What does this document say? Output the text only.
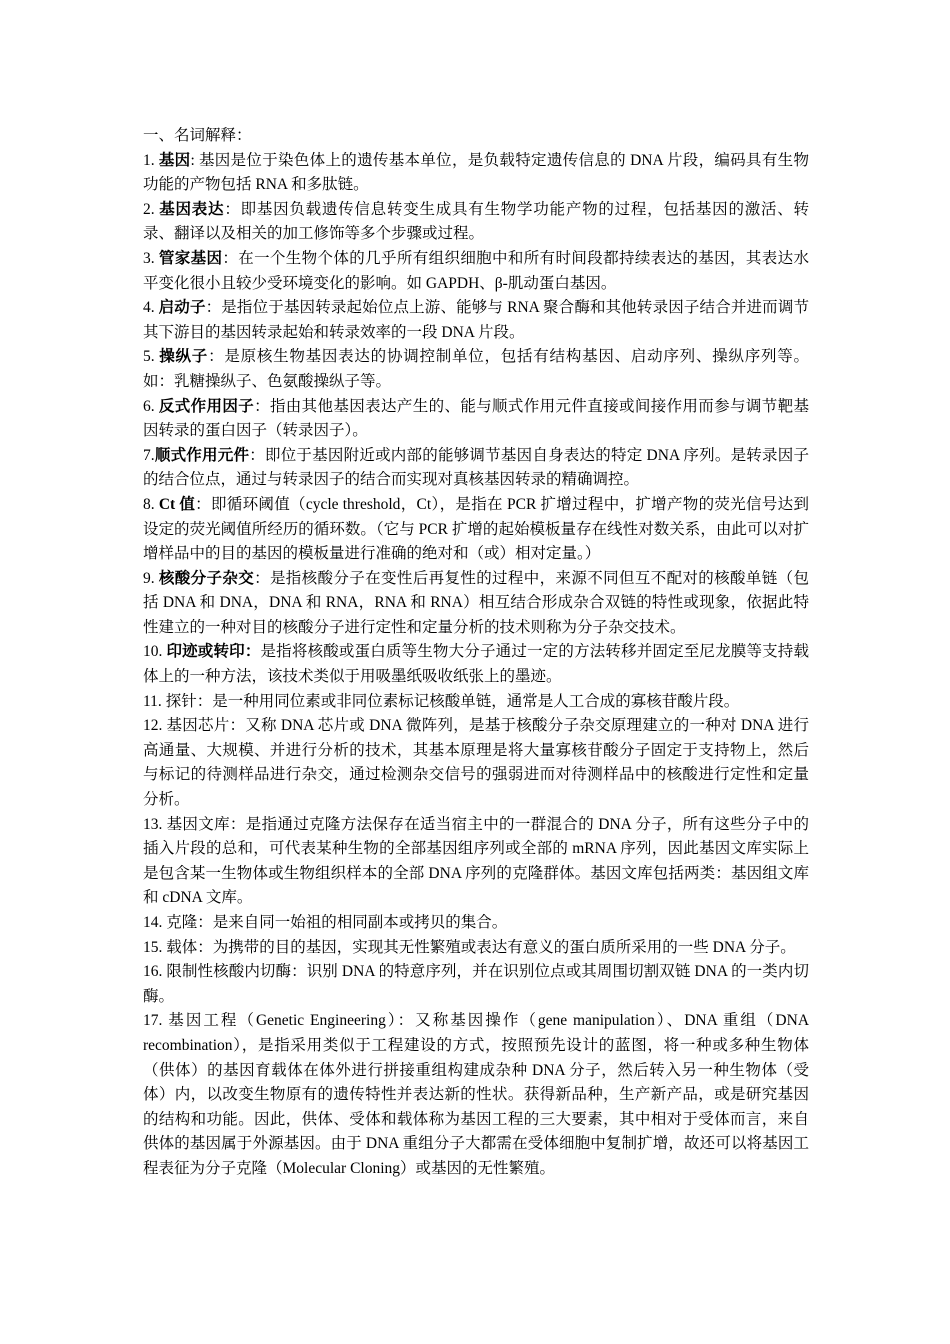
一、名词解释：

1. 基因: 基因是位于染色体上的遗传基本单位，是负载特定遗传信息的 DNA 片段，编码具有生物功能的产物包括 RNA 和多肽链。

2. 基因表达：即基因负载遗传信息转变生成具有生物学功能产物的过程，包括基因的激活、转录、翻译以及相关的加工修饰等多个步骤或过程。

3. 管家基因：在一个生物个体的几乎所有组织细胞中和所有时间段都持续表达的基因，其表达水平变化很小且较少受环境变化的影响。如 GAPDH、β-肌动蛋白基因。

4. 启动子：是指位于基因转录起始位点上游、能够与 RNA 聚合酶和其他转录因子结合并进而调节其下游目的基因转录起始和转录效率的一段 DNA 片段。

5. 操纵子：是原核生物基因表达的协调控制单位，包括有结构基因、启动序列、操纵序列等。如：乳糖操纵子、色氨酸操纵子等。

6. 反式作用因子：指由其他基因表达产生的、能与顺式作用元件直接或间接作用而参与调节靶基因转录的蛋白因子（转录因子）。

7.顺式作用元件：即位于基因附近或内部的能够调节基因自身表达的特定 DNA 序列。是转录因子的结合位点，通过与转录因子的结合而实现对真核基因转录的精确调控。

8. Ct 值：即循环阈值（cycle threshold，Ct），是指在 PCR 扩增过程中，扩增产物的荧光信号达到设定的荧光阈值所经历的循环数。（它与 PCR 扩增的起始模板量存在线性对数关系，由此可以对扩增样品中的目的基因的模板量进行准确的绝对和（或）相对定量。）

9. 核酸分子杂交：是指核酸分子在变性后再复性的过程中，来源不同但互不配对的核酸单链（包括 DNA 和 DNA，DNA 和 RNA，RNA 和 RNA）相互结合形成杂合双链的特性或现象，依据此特性建立的一种对目的核酸分子进行定性和定量分析的技术则称为分子杂交技术。

10. 印迹或转印：是指将核酸或蛋白质等生物大分子通过一定的方法转移并固定至尼龙膜等支持载体上的一种方法，该技术类似于用吸墨纸吸收纸张上的墨迹。

11. 探针：是一种用同位素或非同位素标记核酸单链，通常是人工合成的寡核苷酸片段。

12. 基因芯片：又称 DNA 芯片或 DNA 微阵列，是基于核酸分子杂交原理建立的一种对 DNA 进行高通量、大规模、并进行分析的技术，其基本原理是将大量寡核苷酸分子固定于支持物上，然后与标记的待测样品进行杂交，通过检测杂交信号的强弱进而对待测样品中的核酸进行定性和定量分析。

13. 基因文库：是指通过克隆方法保存在适当宿主中的一群混合的 DNA 分子，所有这些分子中的插入片段的总和，可代表某种生物的全部基因组序列或全部的 mRNA 序列，因此基因文库实际上是包含某一生物体或生物组织样本的全部 DNA 序列的克隆群体。基因文库包括两类：基因组文库和 cDNA 文库。

14. 克隆：是来自同一始祖的相同副本或拷贝的集合。

15. 载体：为携带的目的基因，实现其无性繁殖或表达有意义的蛋白质所采用的一些 DNA 分子。

16. 限制性核酸内切酶：识别 DNA 的特意序列，并在识别位点或其周围切割双链 DNA 的一类内切酶。

17. 基因工程（Genetic Engineering）：又称基因操作（gene manipulation）、DNA 重组（DNA recombination），是指采用类似于工程建设的方式，按照预先设计的蓝图，将一种或多种生物体（供体）的基因育载体在体外进行拼接重组构建成杂种 DNA 分子，然后转入另一种生物体（受体）内，以改变生物原有的遗传特性并表达新的性状。获得新品种，生产新产品，或是研究基因的结构和功能。因此，供体、受体和载体称为基因工程的三大要素，其中相对于受体而言，来自供体的基因属于外源基因。由于 DNA 重组分子大都需在受体细胞中复制扩增，故还可以将基因工程表征为分子克隆（Molecular Cloning）或基因的无性繁殖。
